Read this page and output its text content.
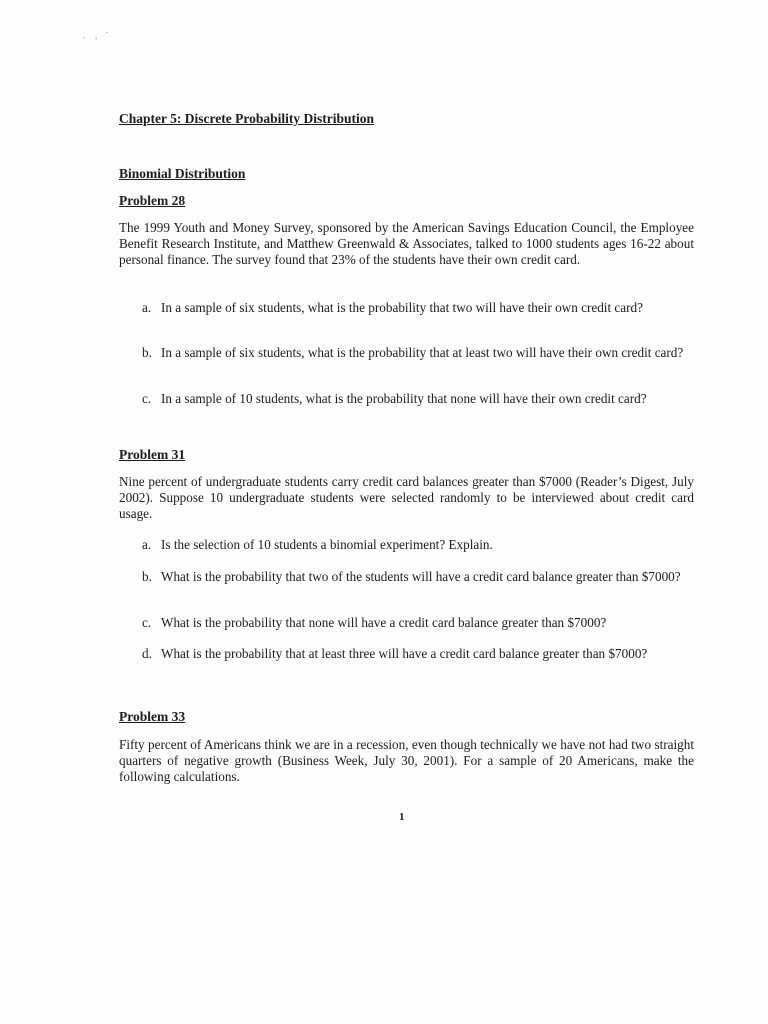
· ‚ ·
Chapter 5: Discrete Probability Distribution
Binomial Distribution
Problem 28
The 1999 Youth and Money Survey, sponsored by the American Savings Education Council, the Employee Benefit Research Institute, and Matthew Greenwald & Associates, talked to 1000 students ages 16-22 about personal finance. The survey found that 23% of the students have their own credit card.
a. In a sample of six students, what is the probability that two will have their own credit card?
b. In a sample of six students, what is the probability that at least two will have their own credit card?
c. In a sample of 10 students, what is the probability that none will have their own credit card?
Problem 31
Nine percent of undergraduate students carry credit card balances greater than $7000 (Reader’s Digest, July 2002). Suppose 10 undergraduate students were selected randomly to be interviewed about credit card usage.
a. Is the selection of 10 students a binomial experiment? Explain.
b. What is the probability that two of the students will have a credit card balance greater than $7000?
c. What is the probability that none will have a credit card balance greater than $7000?
d. What is the probability that at least three will have a credit card balance greater than $7000?
Problem 33
Fifty percent of Americans think we are in a recession, even though technically we have not had two straight quarters of negative growth (Business Week, July 30, 2001). For a sample of 20 Americans, make the following calculations.
1
